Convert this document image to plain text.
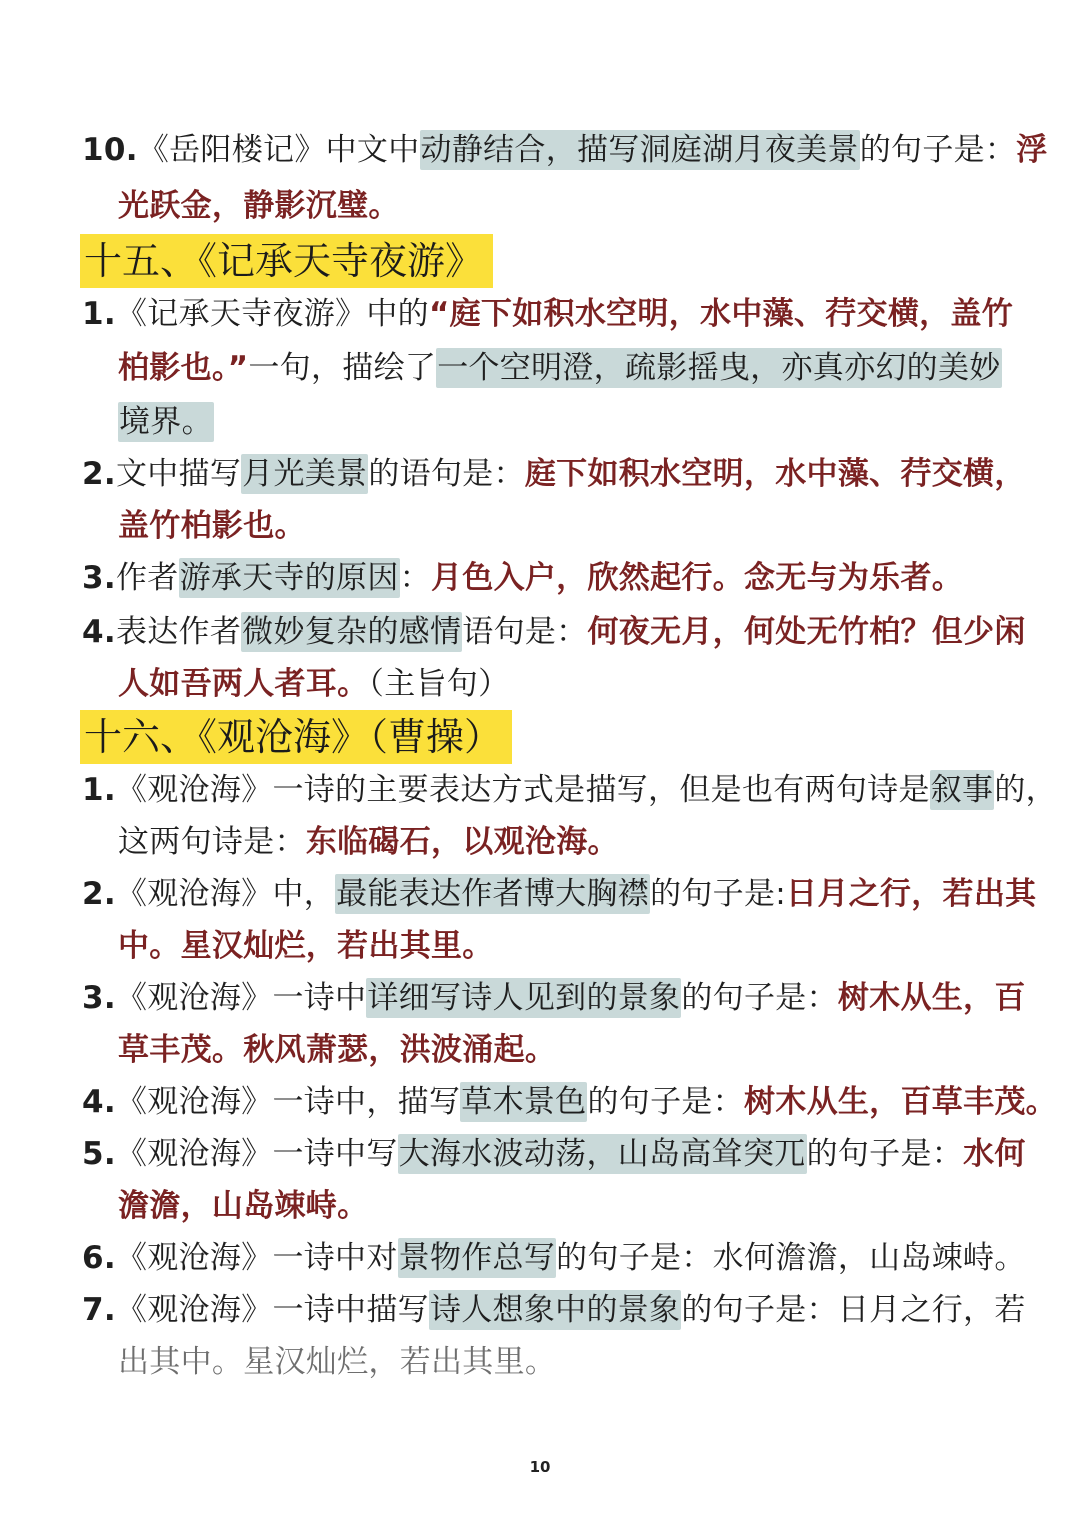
10.《岳阳楼记》中文中动静结合，描写洞庭湖月夜美景的句子是：浮
光跃金，静影沉璧。
十五、《记承天寺夜游》
1.《记承天寺夜游》中的“庭下如积水空明，水中藻、荇交横，盖竹
柏影也。”一句，描绘了一个空明澄，疏影摇曳，亦真亦幻的美妙
境界。
2.文中描写月光美景的语句是：庭下如积水空明，水中藻、荇交横，
盖竹柏影也。
3.作者游承天寺的原因：月色入户，欣然起行。念无与为乐者。
4.表达作者微妙复杂的感情语句是：何夜无月，何处无竹柏？但少闲
人如吾两人者耳。（主旨句）
十六、《观沧海》（曹操）
1.《观沧海》一诗的主要表达方式是描写，但是也有两句诗是叙事的，
这两句诗是：东临碣石，以观沧海。
2.《观沧海》中，最能表达作者博大胸襟的句子是:日月之行，若出其
中。星汉灿烂，若出其里。
3.《观沧海》一诗中详细写诗人见到的景象的句子是：树木从生，百
草丰茂。秋风萧瑟，洪波涌起。
4.《观沧海》一诗中，描写草木景色的句子是：树木从生，百草丰茂。
5.《观沧海》一诗中写大海水波动荡，山岛高耸突兀的句子是：水何
澹澹，山岛竦峙。
6.《观沧海》一诗中对景物作总写的句子是：水何澹澹，山岛竦峙。
7.《观沧海》一诗中描写诗人想象中的景象的句子是：日月之行，若
出其中。星汉灿烂，若出其里。
10
